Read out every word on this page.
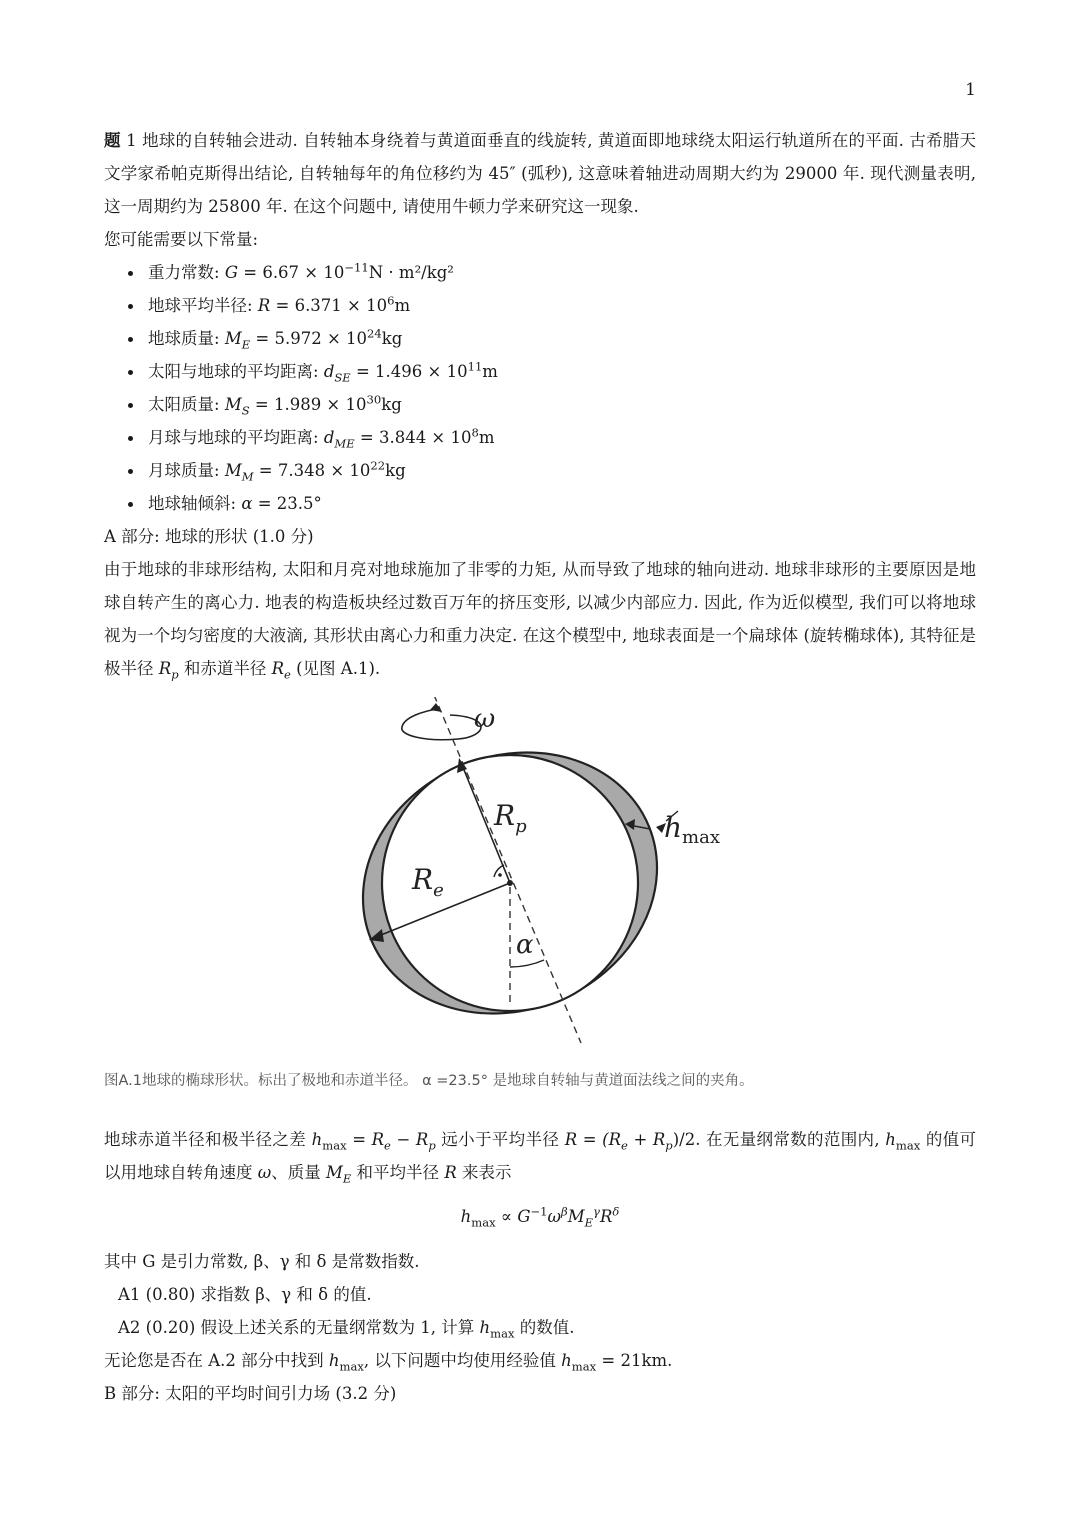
1

题 1 地球的自转轴会进动. 自转轴本身绕着与黄道面垂直的线旋转, 黄道面即地球绕太阳运行轨道所在的平面. 古希腊天文学家希帕克斯得出结论, 自转轴每年的角位移约为 45″ (弧秒), 这意味着轴进动周期大约为 29000 年. 现代测量表明, 这一周期约为 25800 年. 在这个问题中, 请使用牛顿力学来研究这一现象.

您可能需要以下常量:

重力常数: $G = 6.67 \times 10^{-11}N \cdot m^2/kg^2$
地球平均半径: $R = 6.371 \times 10^6m$
地球质量: $M_E = 5.972 \times 10^{24}kg$
太阳与地球的平均距离: $d_{SE} = 1.496 \times 10^{11}m$
太阳质量: $M_S = 1.989 \times 10^{30}kg$
月球与地球的平均距离: $d_{ME} = 3.844 \times 10^8m$
月球质量: $M_M = 7.348 \times 10^{22}kg$
地球轴倾斜: α = 23.5°

A 部分: 地球的形状 (1.0 分)

由于地球的非球形结构, 太阳和月亮对地球施加了非零的力矩, 从而导致了地球的轴向进动. 地球非球形的主要原因是地球自转产生的离心力. 地表的构造板块经过数百万年的挤压变形, 以减少内部应力. 因此, 作为近似模型, 我们可以将地球视为一个均匀密度的大液滴, 其形状由离心力和重力决定. 在这个模型中, 地球表面是一个扁球体 (旋转椭球体), 其特征是极半径 $R_p$ 和赤道半径 $R_e$ (见图 A.1).

ω
$R_p$
$R_e$
$h_{max}$
α

图A.1地球的椭球形状。标出了极地和赤道半径。 α =23.5° 是地球自转轴与黄道面法线之间的夹角。

地球赤道半径和极半径之差 $h_{max} = R_e - R_p$ 远小于平均半径 $R = (R_e + R_p)/2$. 在无量纲常数的范围内, $h_{max}$ 的值可以用地球自转角速度 ω、质量 $M_E$ 和平均半径 R 来表示

$h_{max} \propto G^{-1}\omega^\beta M_E^\gamma R^\delta$

其中 G 是引力常数, β、γ 和 δ 是常数指数.

A1 (0.80) 求指数 β、γ 和 δ 的值.

A2 (0.20) 假设上述关系的无量纲常数为 1, 计算 $h_{max}$ 的数值.

无论您是否在 A.2 部分中找到 $h_{max}$, 以下问题中均使用经验值 $h_{max} = 21km$.

B 部分: 太阳的平均时间引力场 (3.2 分)
